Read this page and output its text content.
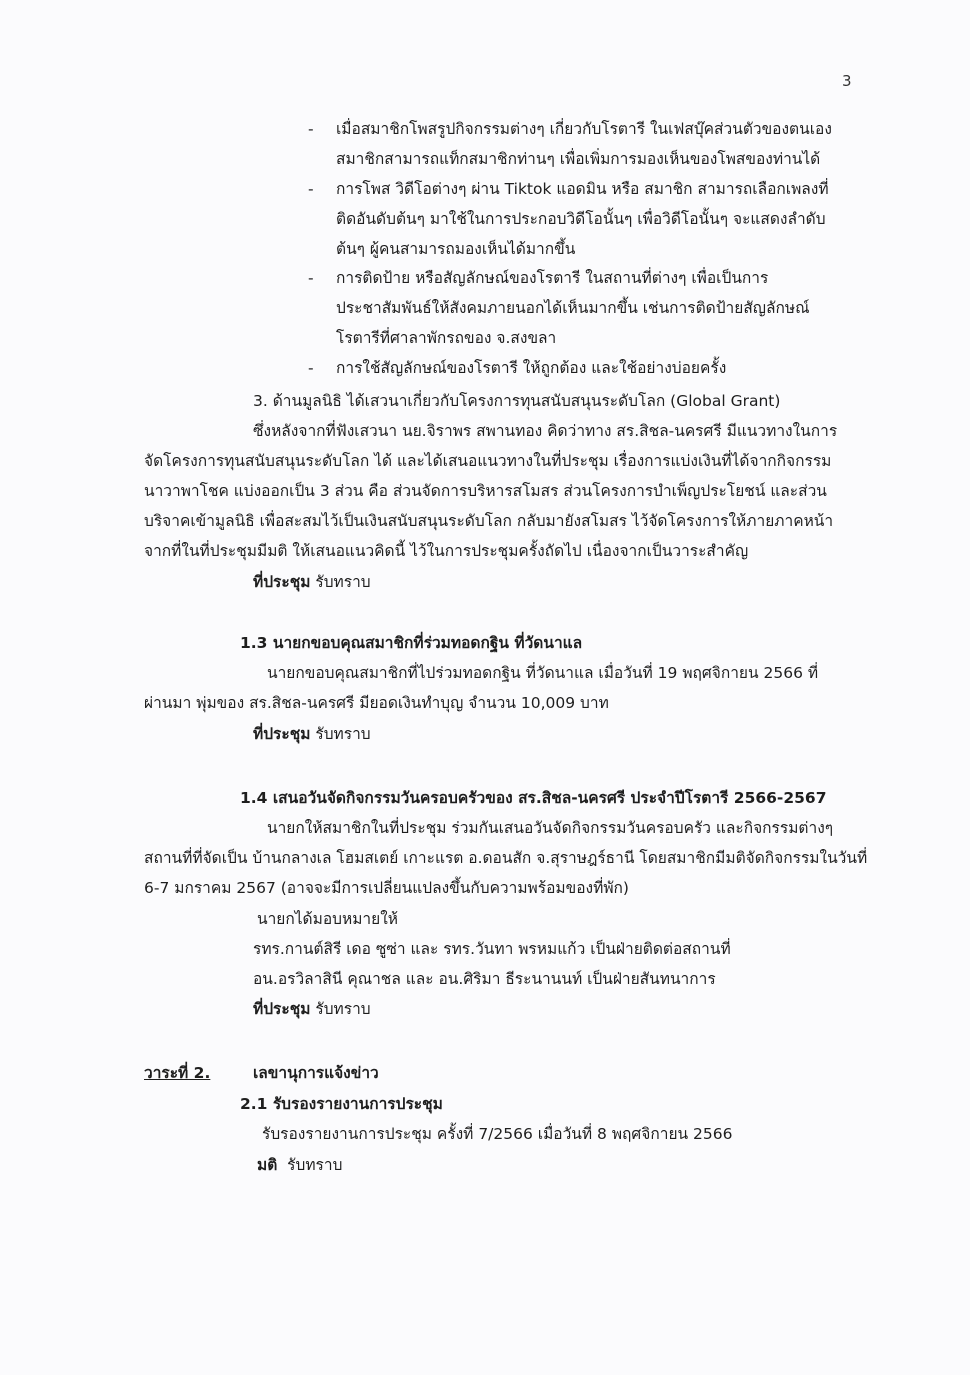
3
- เมื่อสมาชิกโพสรูปกิจกรรมต่างๆ เกี่ยวกับโรตารี ในเฟสบุ๊คส่วนตัวของตนเอง
สมาชิกสามารถแท็กสมาชิกท่านๆ เพื่อเพิ่มการมองเห็นของโพสของท่านได้
- การโพส วิดีโอต่างๆ ผ่าน Tiktok แอดมิน หรือ สมาชิก สามารถเลือกเพลงที่
ติดอันดับต้นๆ มาใช้ในการประกอบวิดีโอนั้นๆ เพื่อวิดีโอนั้นๆ จะแสดงลำดับ
ต้นๆ ผู้คนสามารถมองเห็นได้มากขึ้น
- การติดป้าย หรือสัญลักษณ์ของโรตารี ในสถานที่ต่างๆ เพื่อเป็นการ
ประชาสัมพันธ์ให้สังคมภายนอกได้เห็นมากขึ้น เช่นการติดป้ายสัญลักษณ์
โรตารีที่ศาลาพักรถของ จ.สงขลา
- การใช้สัญลักษณ์ของโรตารี ให้ถูกต้อง และใช้อย่างบ่อยครั้ง
3. ด้านมูลนิธิ ได้เสวนาเกี่ยวกับโครงการทุนสนับสนุนระดับโลก (Global Grant)
ซึ่งหลังจากที่ฟังเสวนา นย.จิราพร สพานทอง คิดว่าทาง สร.สิชล-นครศรี มีแนวทางในการ
จัดโครงการทุนสนับสนุนระดับโลก ได้ และได้เสนอแนวทางในที่ประชุม เรื่องการแบ่งเงินที่ได้จากกิจกรรม
นาวาพาโชค แบ่งออกเป็น 3 ส่วน คือ ส่วนจัดการบริหารสโมสร ส่วนโครงการบำเพ็ญประโยชน์ และส่วน
บริจาคเข้ามูลนิธิ เพื่อสะสมไว้เป็นเงินสนับสนุนระดับโลก กลับมายังสโมสร ไว้จัดโครงการให้ภายภาคหน้า
จากที่ในที่ประชุมมีมติ ให้เสนอแนวคิดนี้ ไว้ในการประชุมครั้งถัดไป เนื่องจากเป็นวาระสำคัญ
ที่ประชุม รับทราบ
1.3 นายกขอบคุณสมาชิกที่ร่วมทอดกฐิน ที่วัดนาแล
นายกขอบคุณสมาชิกที่ไปร่วมทอดกฐิน ที่วัดนาแล เมื่อวันที่ 19 พฤศจิกายน 2566 ที่
ผ่านมา พุ่มของ สร.สิชล-นครศรี มียอดเงินทำบุญ จำนวน 10,009 บาท
ที่ประชุม รับทราบ
1.4 เสนอวันจัดกิจกรรมวันครอบครัวของ สร.สิชล-นครศรี ประจำปีโรตารี 2566-2567
นายกให้สมาชิกในที่ประชุม ร่วมกันเสนอวันจัดกิจกรรมวันครอบครัว และกิจกรรมต่างๆ
สถานที่ที่จัดเป็น บ้านกลางเล โฮมสเตย์ เกาะแรต อ.ดอนสัก จ.สุราษฎร์ธานี โดยสมาชิกมีมติจัดกิจกรรมในวันที่
6-7 มกราคม 2567 (อาจจะมีการเปลี่ยนแปลงขึ้นกับความพร้อมของที่พัก)
นายกได้มอบหมายให้
รทร.กานต์สิรี เดอ ซูซ่า และ รทร.วันทา พรหมแก้ว เป็นฝ่ายติดต่อสถานที่
อน.อรวิลาสินี คุณาชล และ อน.ศิริมา ธีระนานนท์ เป็นฝ่ายสันทนาการ
ที่ประชุม รับทราบ
วาระที่ 2.	เลขานุการแจ้งข่าว
2.1 รับรองรายงานการประชุม
รับรองรายงานการประชุม ครั้งที่ 7/2566 เมื่อวันที่ 8 พฤศจิกายน 2566
มติ รับทราบ
